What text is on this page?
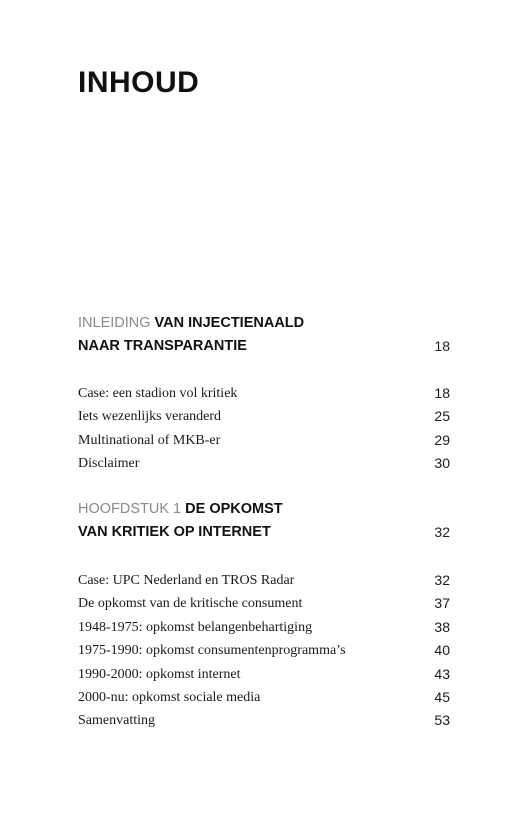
INHOUD
INLEIDING VAN INJECTIENAALD
NAAR TRANSPARANTIE	18
Case: een stadion vol kritiek	18
Iets wezenlijks veranderd	25
Multinational of MKB-er	29
Disclaimer	30
HOOFDSTUK 1 DE OPKOMST
VAN KRITIEK OP INTERNET	32
Case: UPC Nederland en TROS Radar	32
De opkomst van de kritische consument	37
1948-1975: opkomst belangenbehartiging	38
1975-1990: opkomst consumentenprogramma’s	40
1990-2000: opkomst internet	43
2000-nu: opkomst sociale media	45
Samenvatting	53
